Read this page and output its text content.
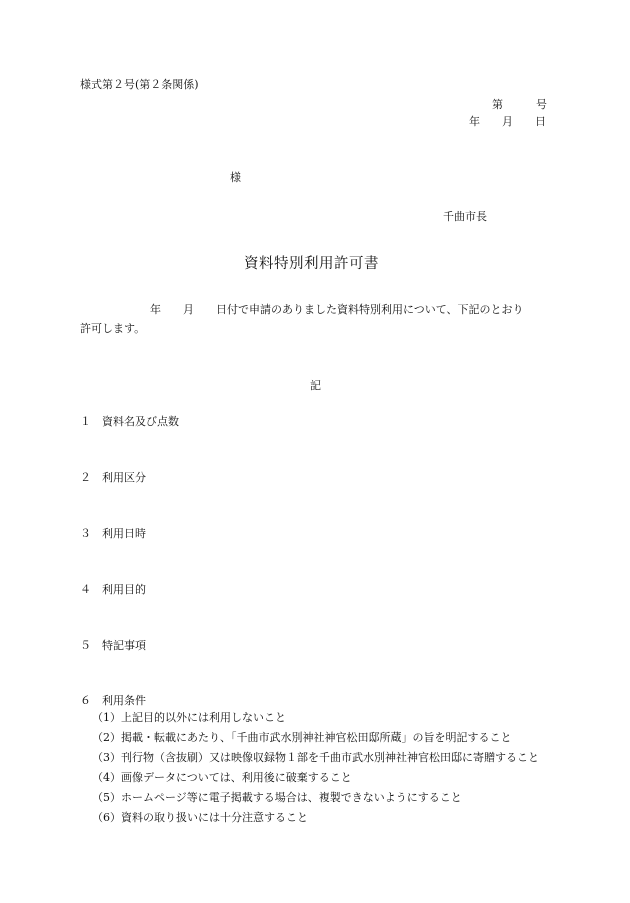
様式第２号(第２条関係)
第　　　号
年　　月　　日
様
千曲市長
資料特別利用許可書
年　　月　　日付で申請のありました資料特別利用について、下記のとおり
許可します。
記
１ 資料名及び点数
２ 利用区分
３ 利用日時
４ 利用目的
５ 特記事項
６ 利用条件
（1）上記目的以外には利用しないこと
（2）掲載・転載にあたり、「千曲市武水別神社神官松田邸所蔵」の旨を明記すること
（3）刊行物（含抜刷）又は映像収録物１部を千曲市武水別神社神官松田邸に寄贈すること
（4）画像データについては、利用後に破棄すること
（5）ホームページ等に電子掲載する場合は、複製できないようにすること
（6）資料の取り扱いには十分注意すること
